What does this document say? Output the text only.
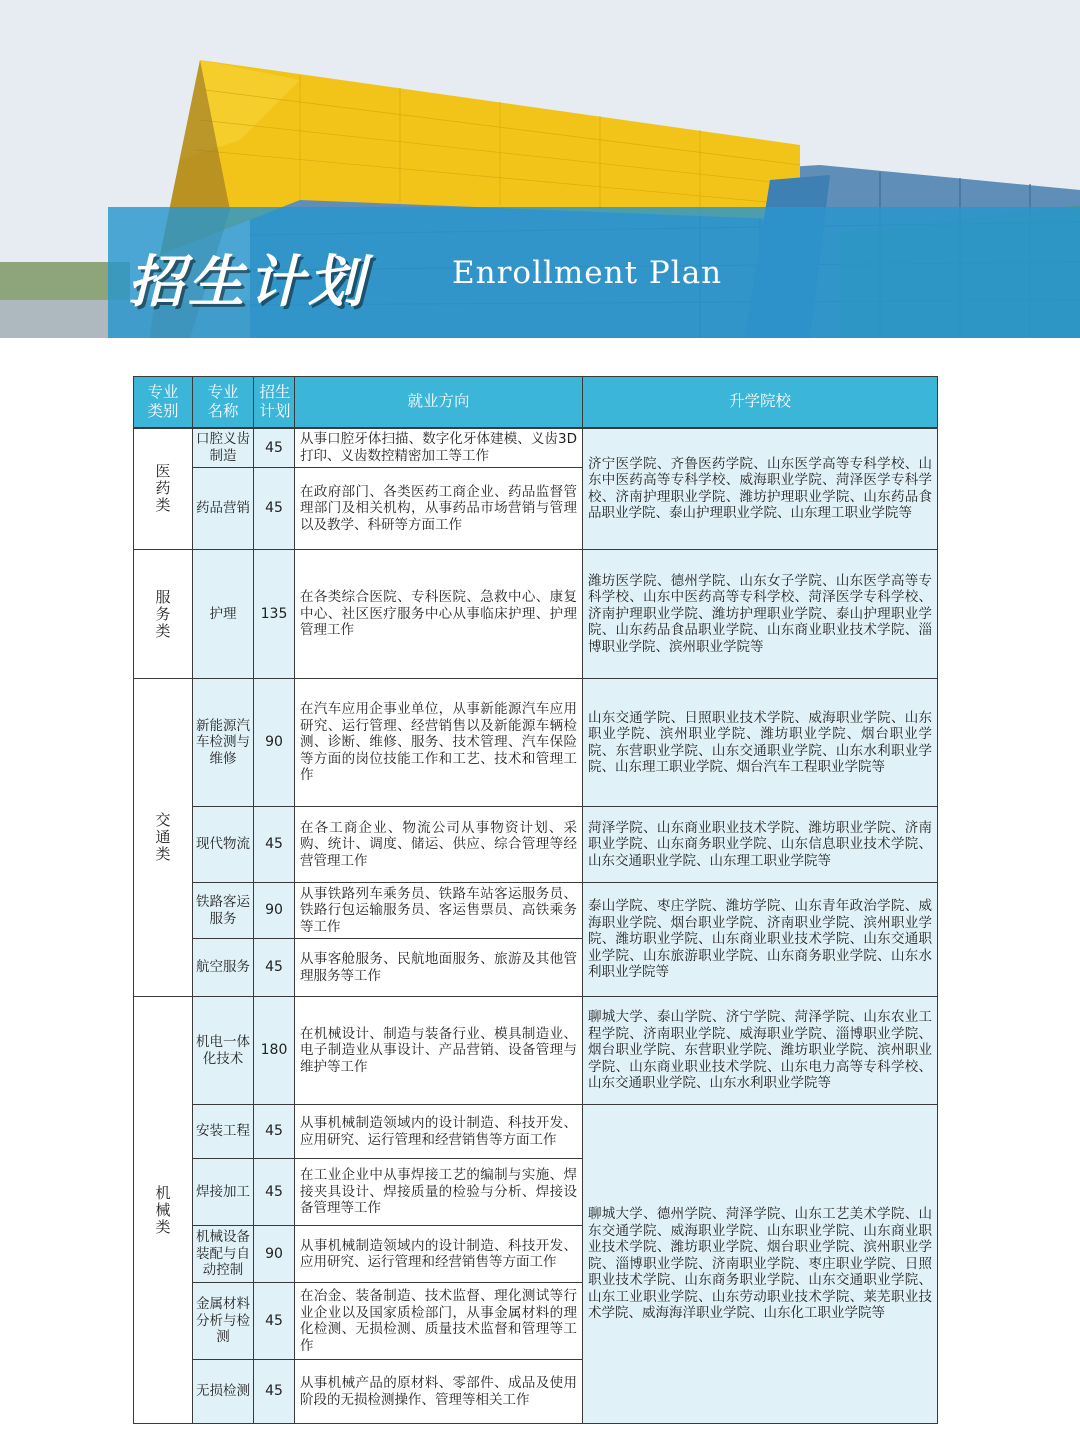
招生计划	Enrollment Plan
专业类别	专业名称	招生计划	就业方向	升学院校
医药类	口腔义齿制造	45	从事口腔牙体扫描、数字化牙体建模、义齿3D 打印、义齿数控精密加工等工作	济宁医学院、齐鲁医药学院、山东医学高等专科学校、山东中医药高等专科学校、威海职业学院、菏泽医学专科学校、济南护理职业学院、潍坊护理职业学院、山东药品食品职业学院、泰山护理职业学院、山东理工职业学院等
	药品营销	45	在政府部门、各类医药工商企业、药品监督管理部门及相关机构，从事药品市场营销与管理以及教学、科研等方面工作	
服务类	护理	135	在各类综合医院、专科医院、急救中心、康复中心、社区医疗服务中心从事临床护理、护理管理工作	潍坊医学院、德州学院、山东女子学院、山东医学高等专科学校、山东中医药高等专科学校、菏泽医学专科学校、济南护理职业学院、潍坊护理职业学院、泰山护理职业学院、山东药品食品职业学院、山东商业职业技术学院、淄博职业学院、滨州职业学院等
交通类	新能源汽车检测与维修	90	在汽车应用企事业单位，从事新能源汽车应用研究、运行管理、经营销售以及新能源车辆检测、诊断、维修、服务、技术管理、汽车保险等方面的岗位技能工作和工艺、技术和管理工作	山东交通学院、日照职业技术学院、威海职业学院、山东职业学院、滨州职业学院、潍坊职业学院、烟台职业学院、东营职业学院、山东交通职业学院、山东水利职业学院、山东理工职业学院、烟台汽车工程职业学院等
	现代物流	45	在各工商企业、物流公司从事物资计划、采购、统计、调度、储运、供应、综合管理等经营管理工作	菏泽学院、山东商业职业技术学院、潍坊职业学院、济南职业学院、山东商务职业学院、山东信息职业技术学院、山东交通职业学院、山东理工职业学院等
	铁路客运服务	90	从事铁路列车乘务员、铁路车站客运服务员、铁路行包运输服务员、客运售票员、高铁乘务等工作	泰山学院、枣庄学院、潍坊学院、山东青年政治学院、威海职业学院、烟台职业学院、济南职业学院、滨州职业学院、潍坊职业学院、山东商业职业技术学院、山东交通职业学院、山东旅游职业学院、山东商务职业学院、山东水利职业学院等
	航空服务	45	从事客舱服务、民航地面服务、旅游及其他管理服务等工作	
机械类	机电一体化技术	180	在机械设计、制造与装备行业、模具制造业、电子制造业从事设计、产品营销、设备管理与维护等工作	聊城大学、泰山学院、济宁学院、菏泽学院、山东农业工程学院、济南职业学院、威海职业学院、淄博职业学院、烟台职业学院、东营职业学院、潍坊职业学院、滨州职业学院、山东商业职业技术学院、山东电力高等专科学校、山东交通职业学院、山东水利职业学院等
	安装工程	45	从事机械制造领域内的设计制造、科技开发、应用研究、运行管理和经营销售等方面工作	聊城大学、德州学院、菏泽学院、山东工艺美术学院、山东交通学院、威海职业学院、山东职业学院、山东商业职业技术学院、潍坊职业学院、烟台职业学院、滨州职业学院、淄博职业学院、济南职业学院、枣庄职业学院、日照职业技术学院、山东商务职业学院、山东交通职业学院、山东工业职业学院、山东劳动职业技术学院、莱芜职业技术学院、威海海洋职业学院、山东化工职业学院等
	焊接加工	45	在工业企业中从事焊接工艺的编制与实施、焊接夹具设计、焊接质量的检验与分析、焊接设备管理等工作	
	机械设备装配与自动控制	90	从事机械制造领域内的设计制造、科技开发、应用研究、运行管理和经营销售等方面工作	
	金属材料分析与检测	45	在冶金、装备制造、技术监督、理化测试等行业企业以及国家质检部门，从事金属材料的理化检测、无损检测、质量技术监督和管理等工作	
	无损检测	45	从事机械产品的原材料、零部件、成品及使用阶段的无损检测操作、管理等相关工作	
